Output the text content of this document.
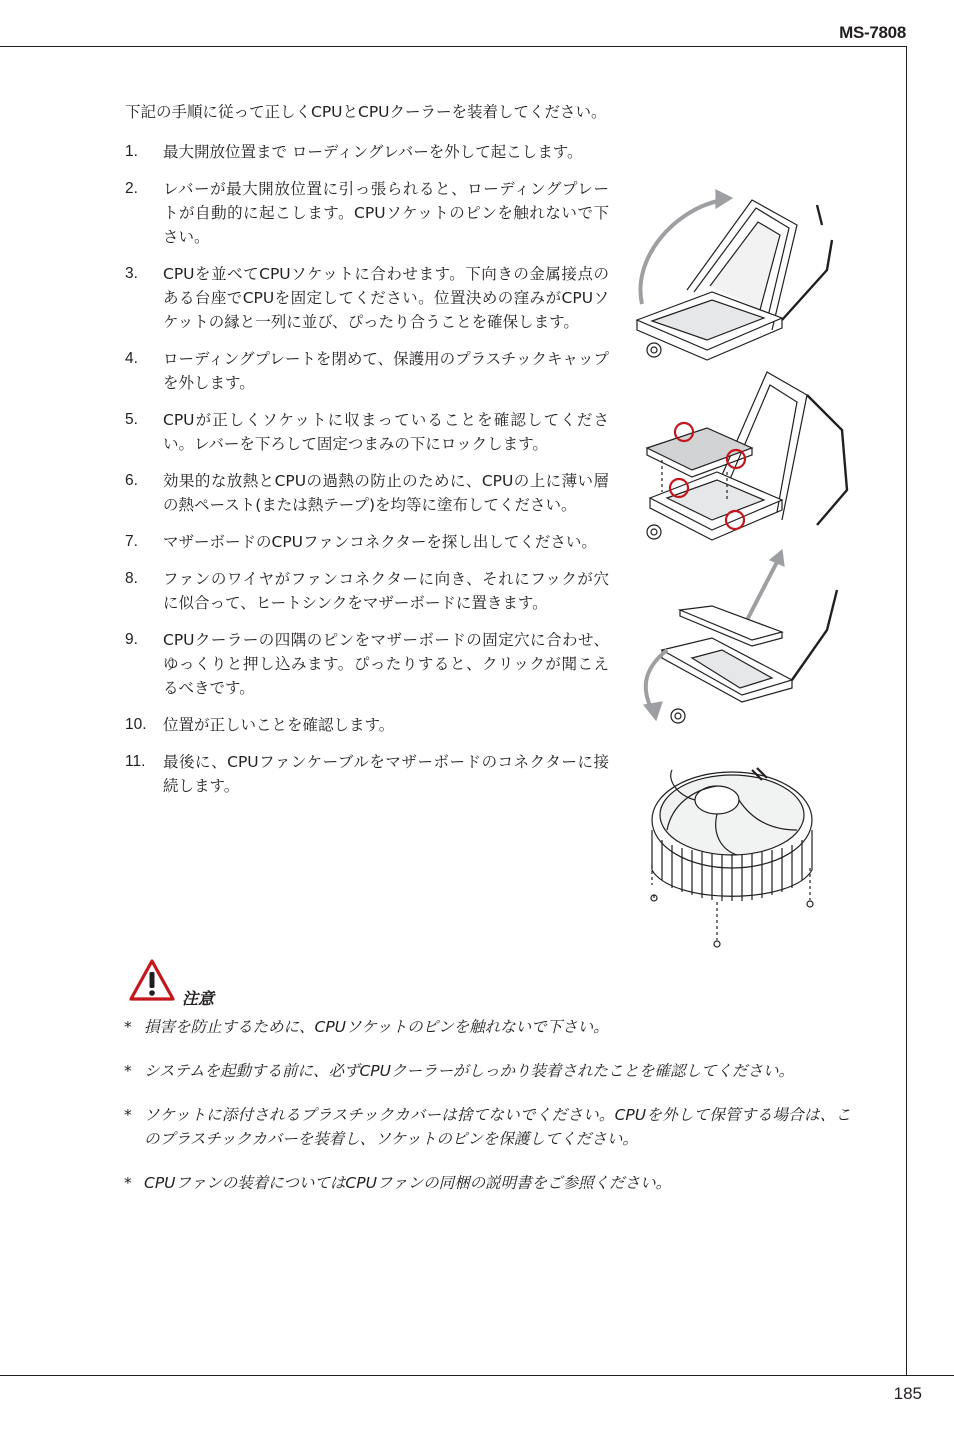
MS-7808
下記の手順に従って正しくCPUとCPUクーラーを装着してください。
1. 最大開放位置まで ローディングレバーを外して起こします。
2. レバーが最大開放位置に引っ張られると、ローディングプレートが自動的に起こします。CPUソケットのピンを触れないで下さい。
3. CPUを並べてCPUソケットに合わせます。下向きの金属接点のある台座でCPUを固定してください。位置決めの窪みがCPUソケットの縁と一列に並び、ぴったり合うことを確保します。
4. ローディングプレートを閉めて、保護用のプラスチックキャップを外します。
5. CPUが正しくソケットに収まっていることを確認してください。レバーを下ろして固定つまみの下にロックします。
6. 効果的な放熱とCPUの過熱の防止のために、CPUの上に薄い層の熱ペースト(または熱テープ)を均等に塗布してください。
7. マザーボードのCPUファンコネクターを探し出してください。
8. ファンのワイヤがファンコネクターに向き、それにフックが穴に似合って、ヒートシンクをマザーボードに置きます。
9. CPUクーラーの四隅のピンをマザーボードの固定穴に合わせ、ゆっくりと押し込みます。ぴったりすると、クリックが聞こえるべきです。
10. 位置が正しいことを確認します。
11. 最後に、CPUファンケーブルをマザーボードのコネクターに接続します。
注意
* 損害を防止するために、CPUソケットのピンを触れないで下さい。
* システムを起動する前に、必ずCPUクーラーがしっかり装着されたことを確認してください。
* ソケットに添付されるプラスチックカバーは捨てないでください。CPUを外して保管する場合は、このプラスチックカバーを装着し、ソケットのピンを保護してください。
* CPUファンの装着についてはCPUファンの同梱の説明書をご参照ください。
185
